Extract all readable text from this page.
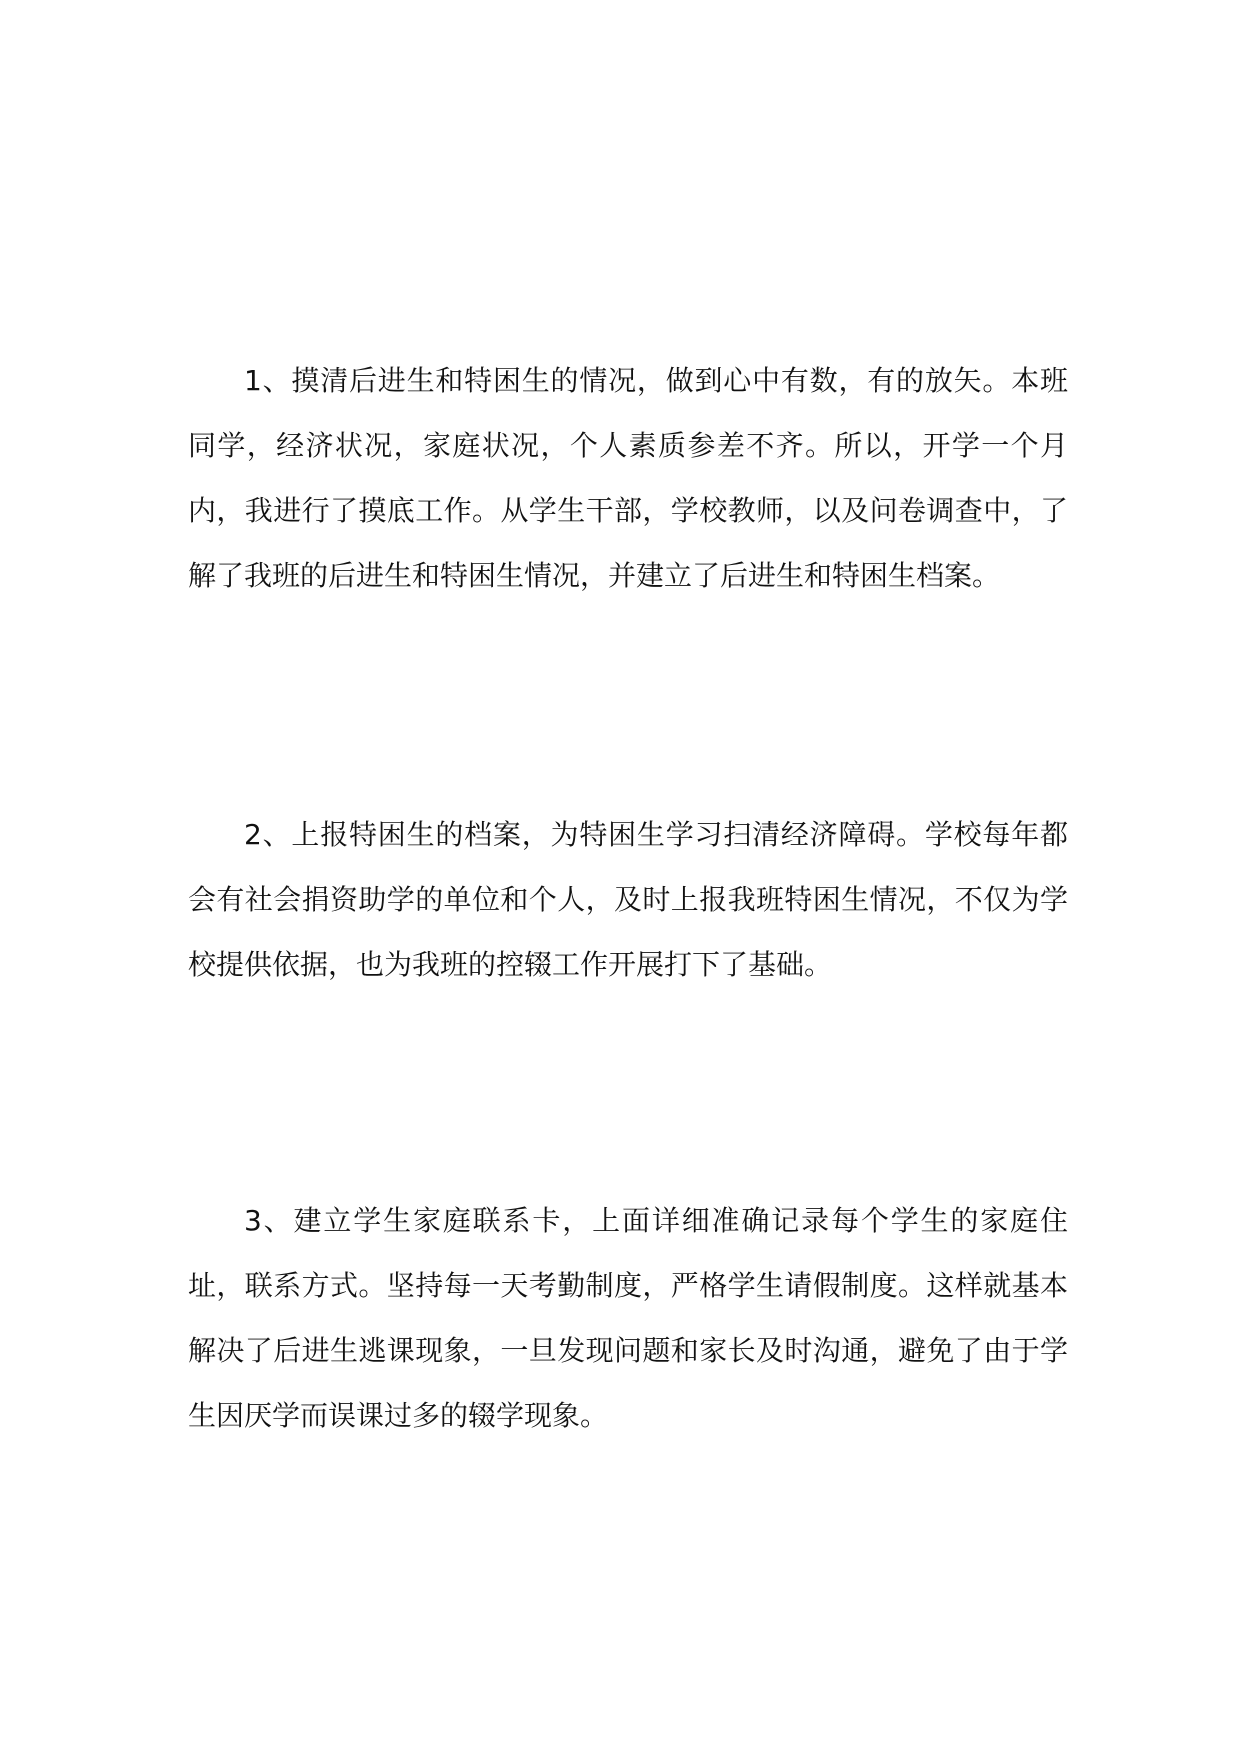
1、摸清后进生和特困生的情况，做到心中有数，有的放矢。本班同学，经济状况，家庭状况，个人素质参差不齐。所以，开学一个月内，我进行了摸底工作。从学生干部，学校教师，以及问卷调查中，了解了我班的后进生和特困生情况，并建立了后进生和特困生档案。

2、上报特困生的档案，为特困生学习扫清经济障碍。学校每年都会有社会捐资助学的单位和个人，及时上报我班特困生情况，不仅为学校提供依据，也为我班的控辍工作开展打下了基础。

3、建立学生家庭联系卡，上面详细准确记录每个学生的家庭住址，联系方式。坚持每一天考勤制度，严格学生请假制度。这样就基本解决了后进生逃课现象，一旦发现问题和家长及时沟通，避免了由于学生因厌学而误课过多的辍学现象。
